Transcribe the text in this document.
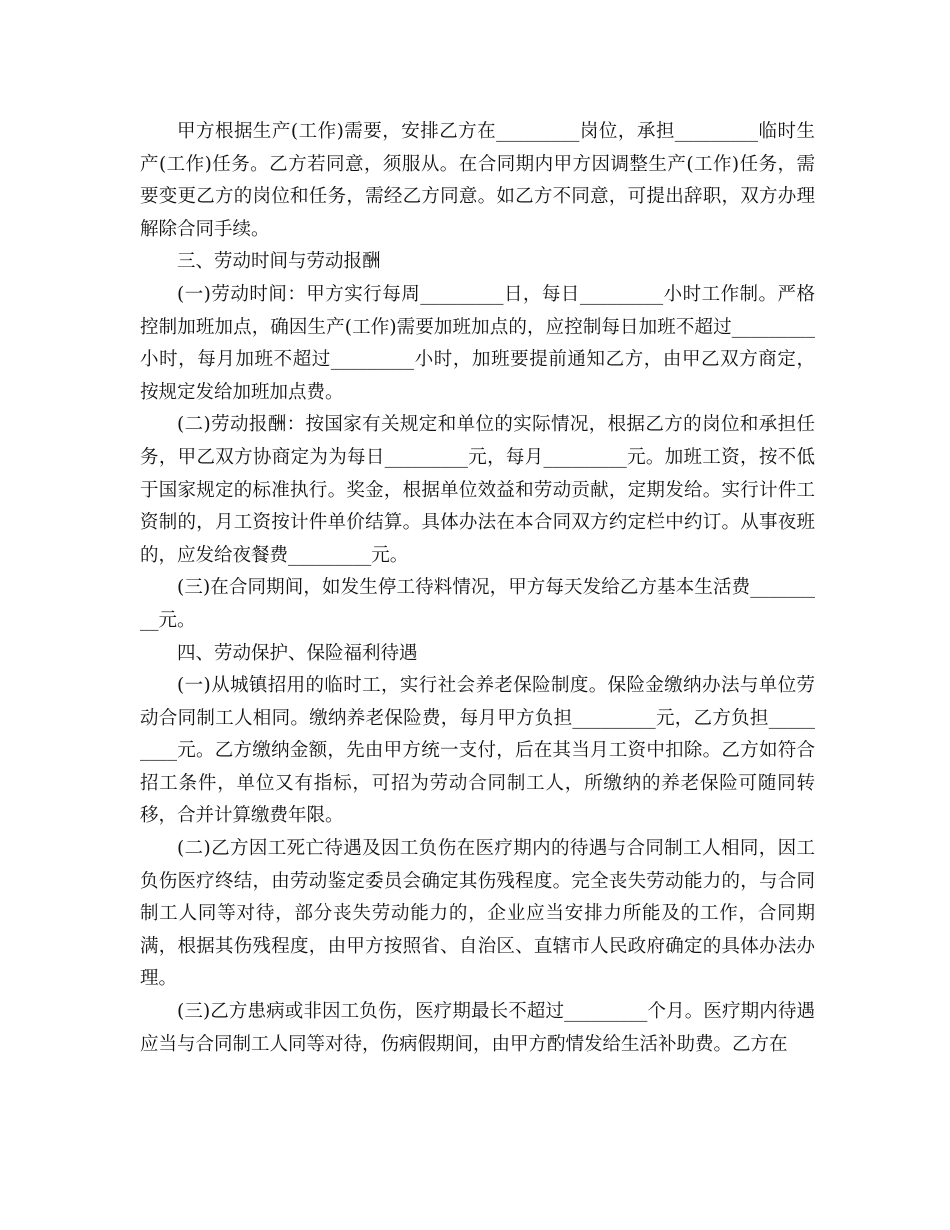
甲方根据生产(工作)需要，安排乙方在_________岗位，承担_________临时生产(工作)任务。乙方若同意，须服从。在合同期内甲方因调整生产(工作)任务，需要变更乙方的岗位和任务，需经乙方同意。如乙方不同意，可提出辞职，双方办理解除合同手续。

三、劳动时间与劳动报酬

(一)劳动时间：甲方实行每周_________日，每日_________小时工作制。严格控制加班加点，确因生产(工作)需要加班加点的，应控制每日加班不超过_________小时，每月加班不超过_________小时，加班要提前通知乙方，由甲乙双方商定，按规定发给加班加点费。

(二)劳动报酬：按国家有关规定和单位的实际情况，根据乙方的岗位和承担任务，甲乙双方协商定为为每日_________元，每月_________元。加班工资，按不低于国家规定的标准执行。奖金，根据单位效益和劳动贡献，定期发给。实行计件工资制的，月工资按计件单价结算。具体办法在本合同双方约定栏中约订。从事夜班的，应发给夜餐费_________元。

(三)在合同期间，如发生停工待料情况，甲方每天发给乙方基本生活费_________元。

四、劳动保护、保险福利待遇

(一)从城镇招用的临时工，实行社会养老保险制度。保险金缴纳办法与单位劳动合同制工人相同。缴纳养老保险费，每月甲方负担_________元，乙方负担_________元。乙方缴纳金额，先由甲方统一支付，后在其当月工资中扣除。乙方如符合招工条件，单位又有指标，可招为劳动合同制工人，所缴纳的养老保险可随同转移，合并计算缴费年限。

(二)乙方因工死亡待遇及因工负伤在医疗期内的待遇与合同制工人相同，因工负伤医疗终结，由劳动鉴定委员会确定其伤残程度。完全丧失劳动能力的，与合同制工人同等对待，部分丧失劳动能力的，企业应当安排力所能及的工作，合同期满，根据其伤残程度，由甲方按照省、自治区、直辖市人民政府确定的具体办法办理。

(三)乙方患病或非因工负伤，医疗期最长不超过_________个月。医疗期内待遇应当与合同制工人同等对待，伤病假期间，由甲方酌情发给生活补助费。乙方在
